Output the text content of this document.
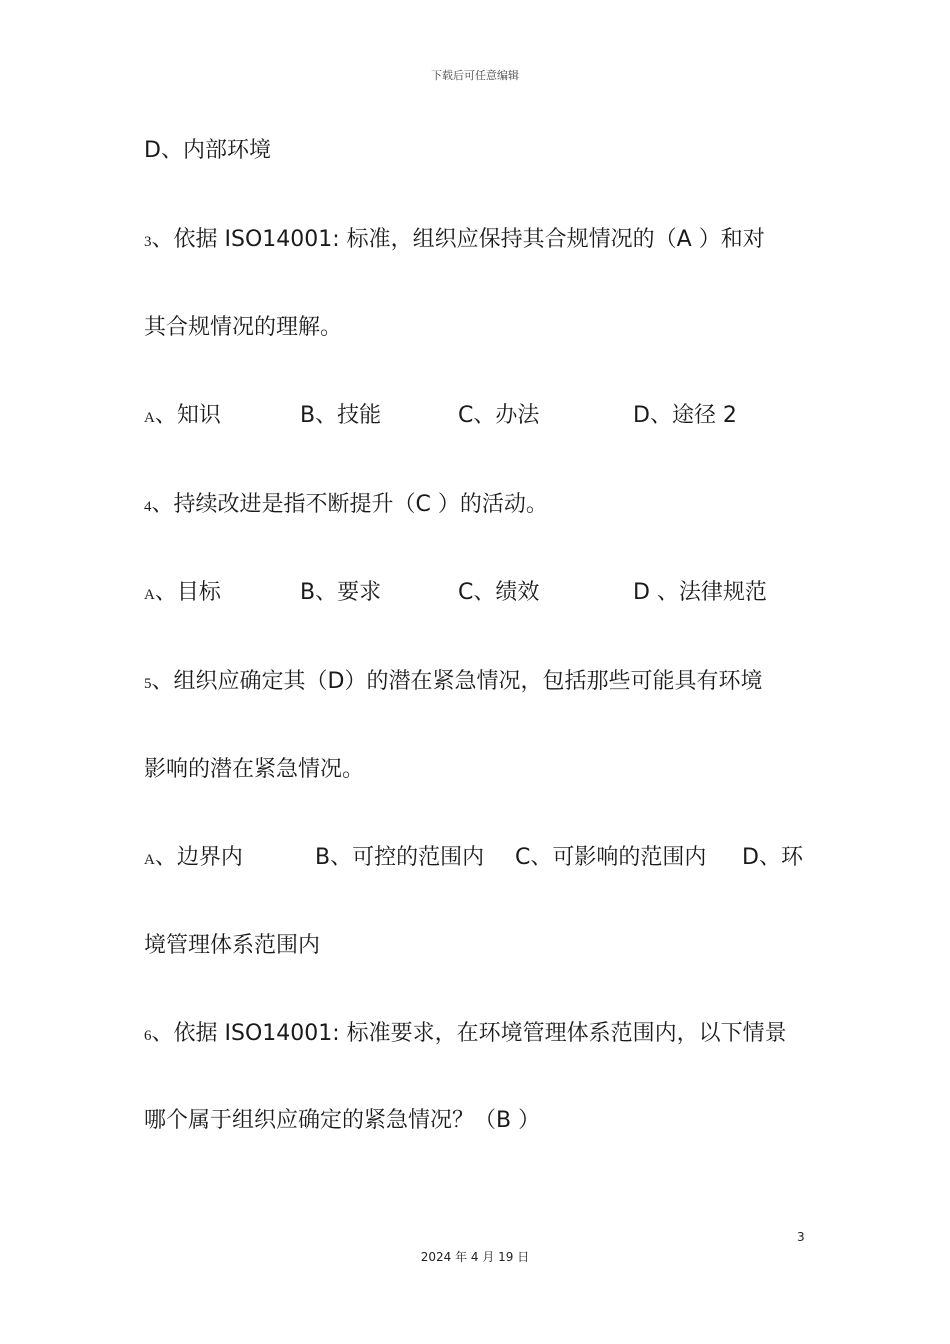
下载后可任意编辑
D、内部环境
3、依据 ISO14001: 标准，组织应保持其合规情况的（A ）和对
其合规情况的理解。
A、知识	B、技能	C、办法	D、途径 2
4、持续改进是指不断提升（C ）的活动。
A、目标	B、要求	C、绩效	D 、法律规范
5、组织应确定其（D）的潜在紧急情况，包括那些可能具有环境
影响的潜在紧急情况。
A、边界内	B、可控的范围内 C、可影响的范围内 D、环
境管理体系范围内
6、依据 ISO14001: 标准要求，在环境管理体系范围内，以下情景
哪个属于组织应确定的紧急情况？（B ）
3
2024 年 4 月 19 日
